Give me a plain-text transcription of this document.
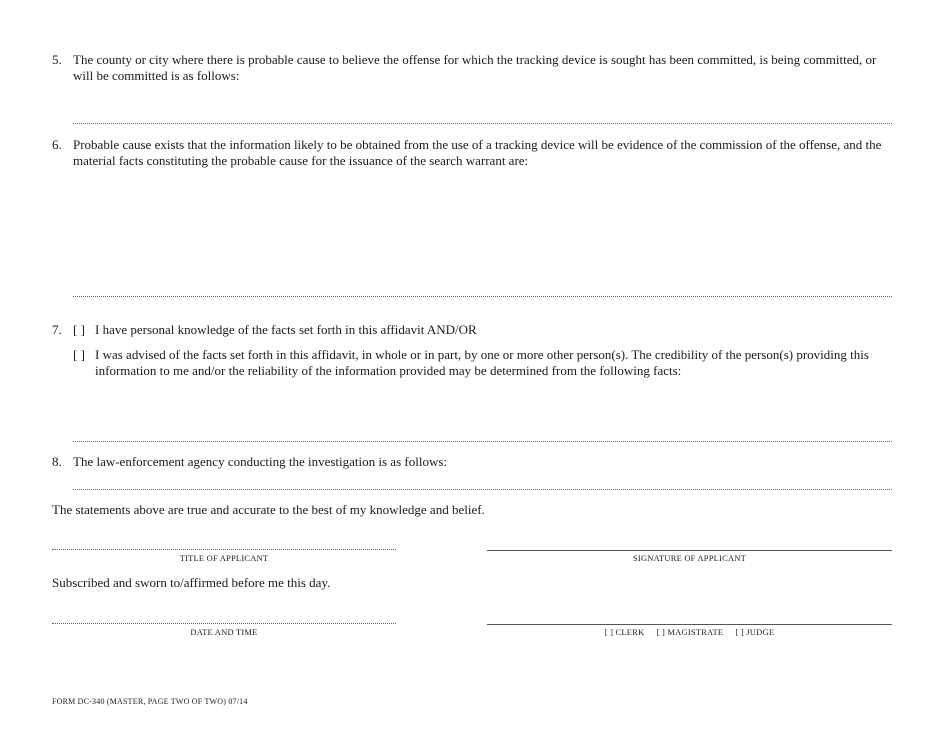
5. The county or city where there is probable cause to believe the offense for which the tracking device is sought has been committed, is being committed, or will be committed is as follows:
6. Probable cause exists that the information likely to be obtained from the use of a tracking device will be evidence of the commission of the offense, and the material facts constituting the probable cause for the issuance of the search warrant are:
7. [ ] I have personal knowledge of the facts set forth in this affidavit AND/OR
[ ] I was advised of the facts set forth in this affidavit, in whole or in part, by one or more other person(s). The credibility of the person(s) providing this information to me and/or the reliability of the information provided may be determined from the following facts:
8. The law-enforcement agency conducting the investigation is as follows:
The statements above are true and accurate to the best of my knowledge and belief.
TITLE OF APPLICANT	SIGNATURE OF APPLICANT
Subscribed and sworn to/affirmed before me this day.
DATE AND TIME	[ ] CLERK [ ] MAGISTRATE [ ] JUDGE
FORM DC-340 (MASTER, PAGE TWO OF TWO) 07/14
